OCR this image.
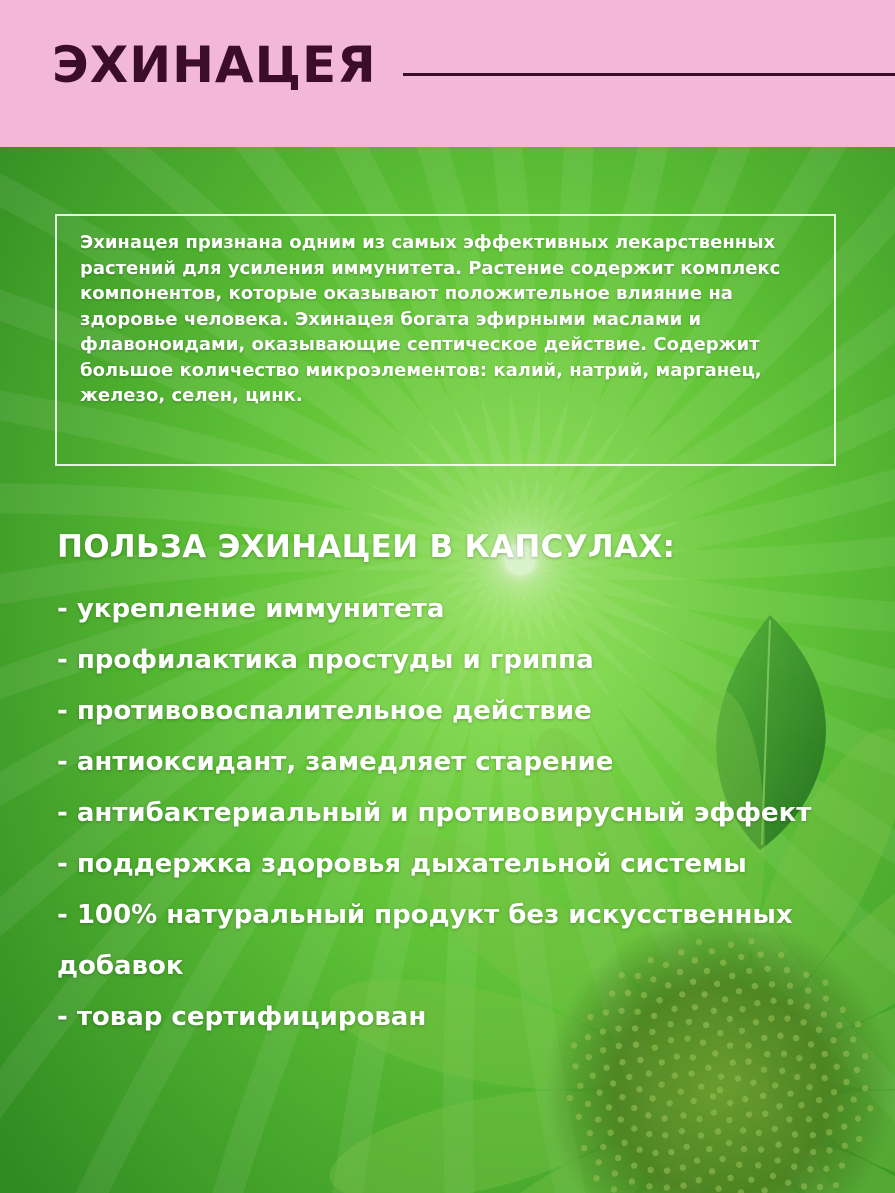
ЭХИНАЦЕЯ

Эхинацея признана одним из самых эффективных лекарственных растений для усиления иммунитета. Растение содержит комплекс компонентов, которые оказывают положительное влияние на здоровье человека. Эхинацея богата эфирными маслами и флавоноидами, оказывающие септическое действие. Содержит большое количество микроэлементов: калий, натрий, марганец, железо, селен, цинк.

ПОЛЬЗА ЭХИНАЦЕИ В КАПСУЛАХ:
- укрепление иммунитета
- профилактика простуды и гриппа
- противовоспалительное действие
- антиоксидант, замедляет старение
- антибактериальный и противовирусный эффект
- поддержка здоровья дыхательной системы
- 100% натуральный продукт без искусственных добавок
- товар сертифицирован
